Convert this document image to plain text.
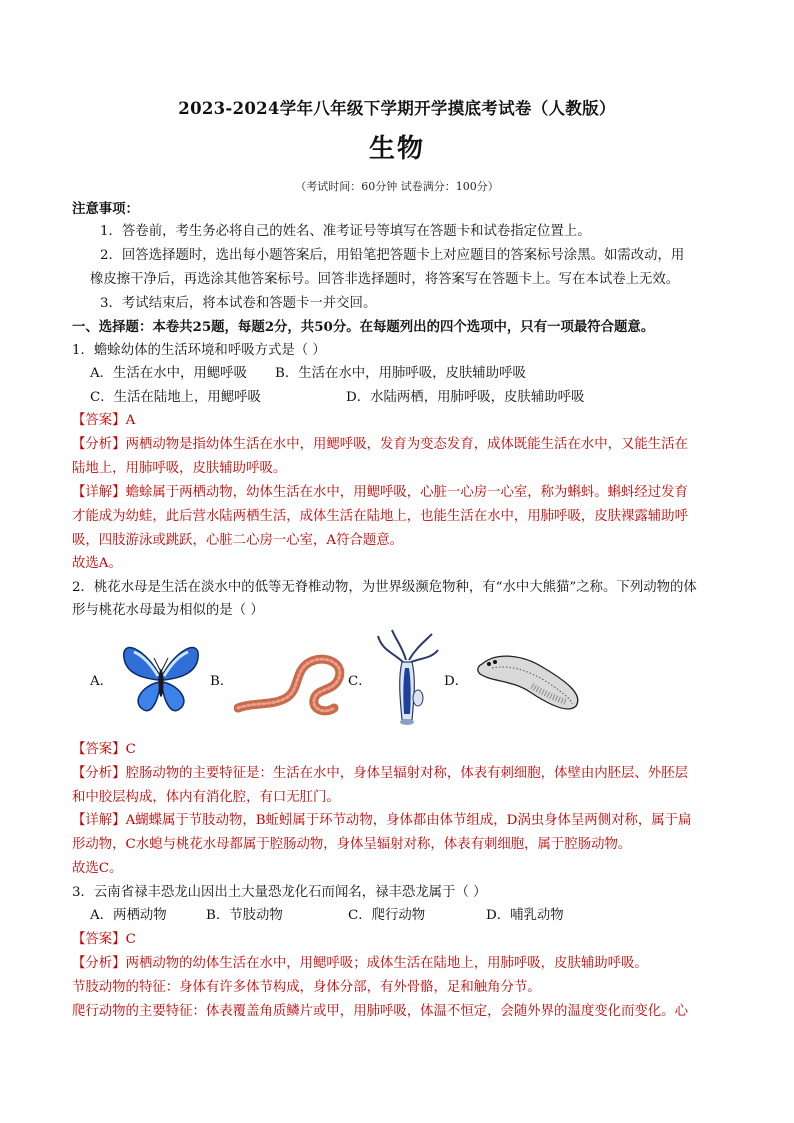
2023-2024学年八年级下学期开学摸底考试卷（人教版）
生物
（考试时间：60分钟 试卷满分：100分）
注意事项：
1．答卷前，考生务必将自己的姓名、准考证号等填写在答题卡和试卷指定位置上。
2．回答选择题时，选出每小题答案后，用铅笔把答题卡上对应题目的答案标号涂黑。如需改动，用
橡皮擦干净后，再选涂其他答案标号。回答非选择题时，将答案写在答题卡上。写在本试卷上无效。
3．考试结束后，将本试卷和答题卡一并交回。
一、选择题：本卷共25题，每题2分，共50分。在每题列出的四个选项中，只有一项最符合题意。
1．蟾蜍幼体的生活环境和呼吸方式是（ ）
A．生活在水中，用鳃呼吸 B．生活在水中，用肺呼吸，皮肤辅助呼吸
C．生活在陆地上，用鳃呼吸	D．水陆两栖，用肺呼吸，皮肤辅助呼吸
【答案】A
【分析】两栖动物是指幼体生活在水中，用鳃呼吸，发育为变态发育，成体既能生活在水中，又能生活在
陆地上，用肺呼吸，皮肤辅助呼吸。
【详解】蟾蜍属于两栖动物，幼体生活在水中，用鳃呼吸，心脏一心房一心室，称为蝌蚪。蝌蚪经过发育
才能成为幼蛙，此后营水陆两栖生活，成体生活在陆地上，也能生活在水中，用肺呼吸，皮肤裸露辅助呼
吸，四肢游泳或跳跃，心脏二心房一心室，A符合题意。
故选A。
2．桃花水母是生活在淡水中的低等无脊椎动物，为世界级濒危物种，有“水中大熊猫”之称。下列动物的体
形与桃花水母最为相似的是（ ）
A．	B．	C．	D．
【答案】C
【分析】腔肠动物的主要特征是：生活在水中，身体呈辐射对称，体表有刺细胞，体壁由内胚层、外胚层
和中胶层构成，体内有消化腔，有口无肛门。
【详解】A蝴蝶属于节肢动物，B蚯蚓属于环节动物，身体都由体节组成，D涡虫身体呈两侧对称，属于扁
形动物，C水螅与桃花水母都属于腔肠动物，身体呈辐射对称，体表有刺细胞，属于腔肠动物。
故选C。
3．云南省禄丰恐龙山因出土大量恐龙化石而闻名，禄丰恐龙属于（ ）
A．两栖动物	B．节肢动物	C．爬行动物	D．哺乳动物
【答案】C
【分析】两栖动物的幼体生活在水中，用鳃呼吸；成体生活在陆地上，用肺呼吸，皮肤辅助呼吸。
节肢动物的特征：身体有许多体节构成，身体分部，有外骨骼，足和触角分节。
爬行动物的主要特征：体表覆盖角质鳞片或甲，用肺呼吸，体温不恒定，会随外界的温度变化而变化。心
